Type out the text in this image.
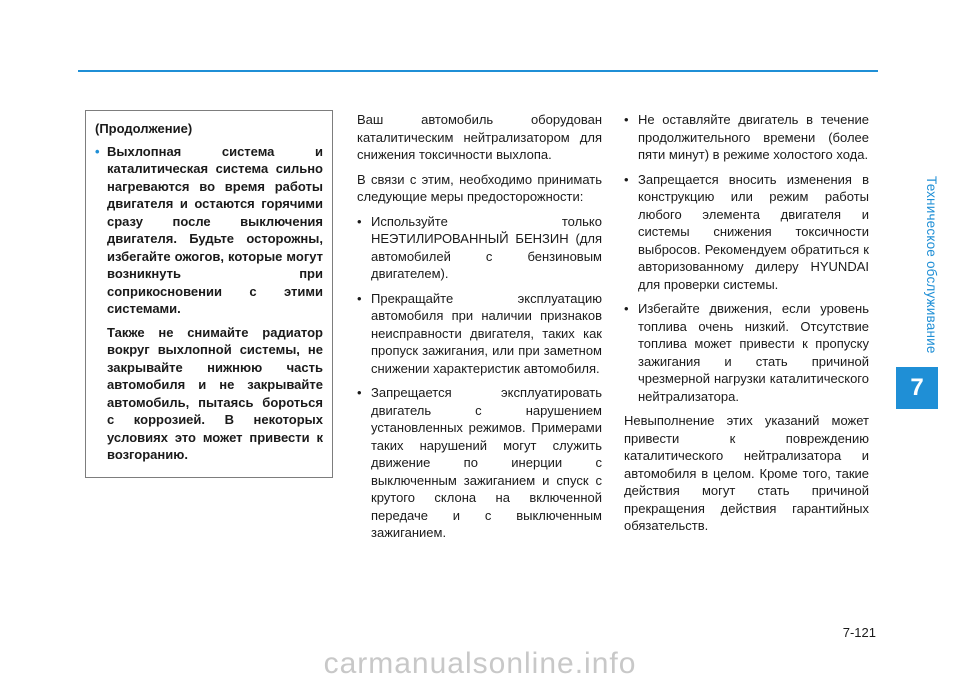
Техническое обслуживание
7
(Продолжение)
• Выхлопная система и каталитическая система сильно нагреваются во время работы двигателя и остаются горячими сразу после выключения двигателя. Будьте осторожны, избегайте ожогов, которые могут возникнуть при соприкосновении с этими системами.
Также не снимайте радиатор вокруг выхлопной системы, не закрывайте нижнюю часть автомобиля и не закрывайте автомобиль, пытаясь бороться с коррозией. В некоторых условиях это может привести к возгоранию.

Ваш автомобиль оборудован каталитическим нейтрализатором для снижения токсичности выхлопа.

В связи с этим, необходимо принимать следующие меры предосторожности:

• Используйте только НЕЭТИЛИРОВАННЫЙ БЕНЗИН (для автомобилей с бензиновым двигателем).
• Прекращайте эксплуатацию автомобиля при наличии признаков неисправности двигателя, таких как пропуск зажигания, или при заметном снижении характеристик автомобиля.
• Запрещается эксплуатировать двигатель с нарушением установленных режимов. Примерами таких нарушений могут служить движение по инерции с выключенным зажиганием и спуск с крутого склона на включенной передаче и с выключенным зажиганием.
• Не оставляйте двигатель в течение продолжительного времени (более пяти минут) в режиме холостого хода.
• Запрещается вносить изменения в конструкцию или режим работы любого элемента двигателя и системы снижения токсичности выбросов. Рекомендуем обратиться к авторизованному дилеру HYUNDAI для проверки системы.
• Избегайте движения, если уровень топлива очень низкий. Отсутствие топлива может привести к пропуску зажигания и стать причиной чрезмерной нагрузки каталитического нейтрализатора.

Невыполнение этих указаний может привести к повреждению каталитического нейтрализатора и автомобиля в целом. Кроме того, такие действия могут стать причиной прекращения действия гарантийных обязательств.

7-121
carmanualsonline.info
